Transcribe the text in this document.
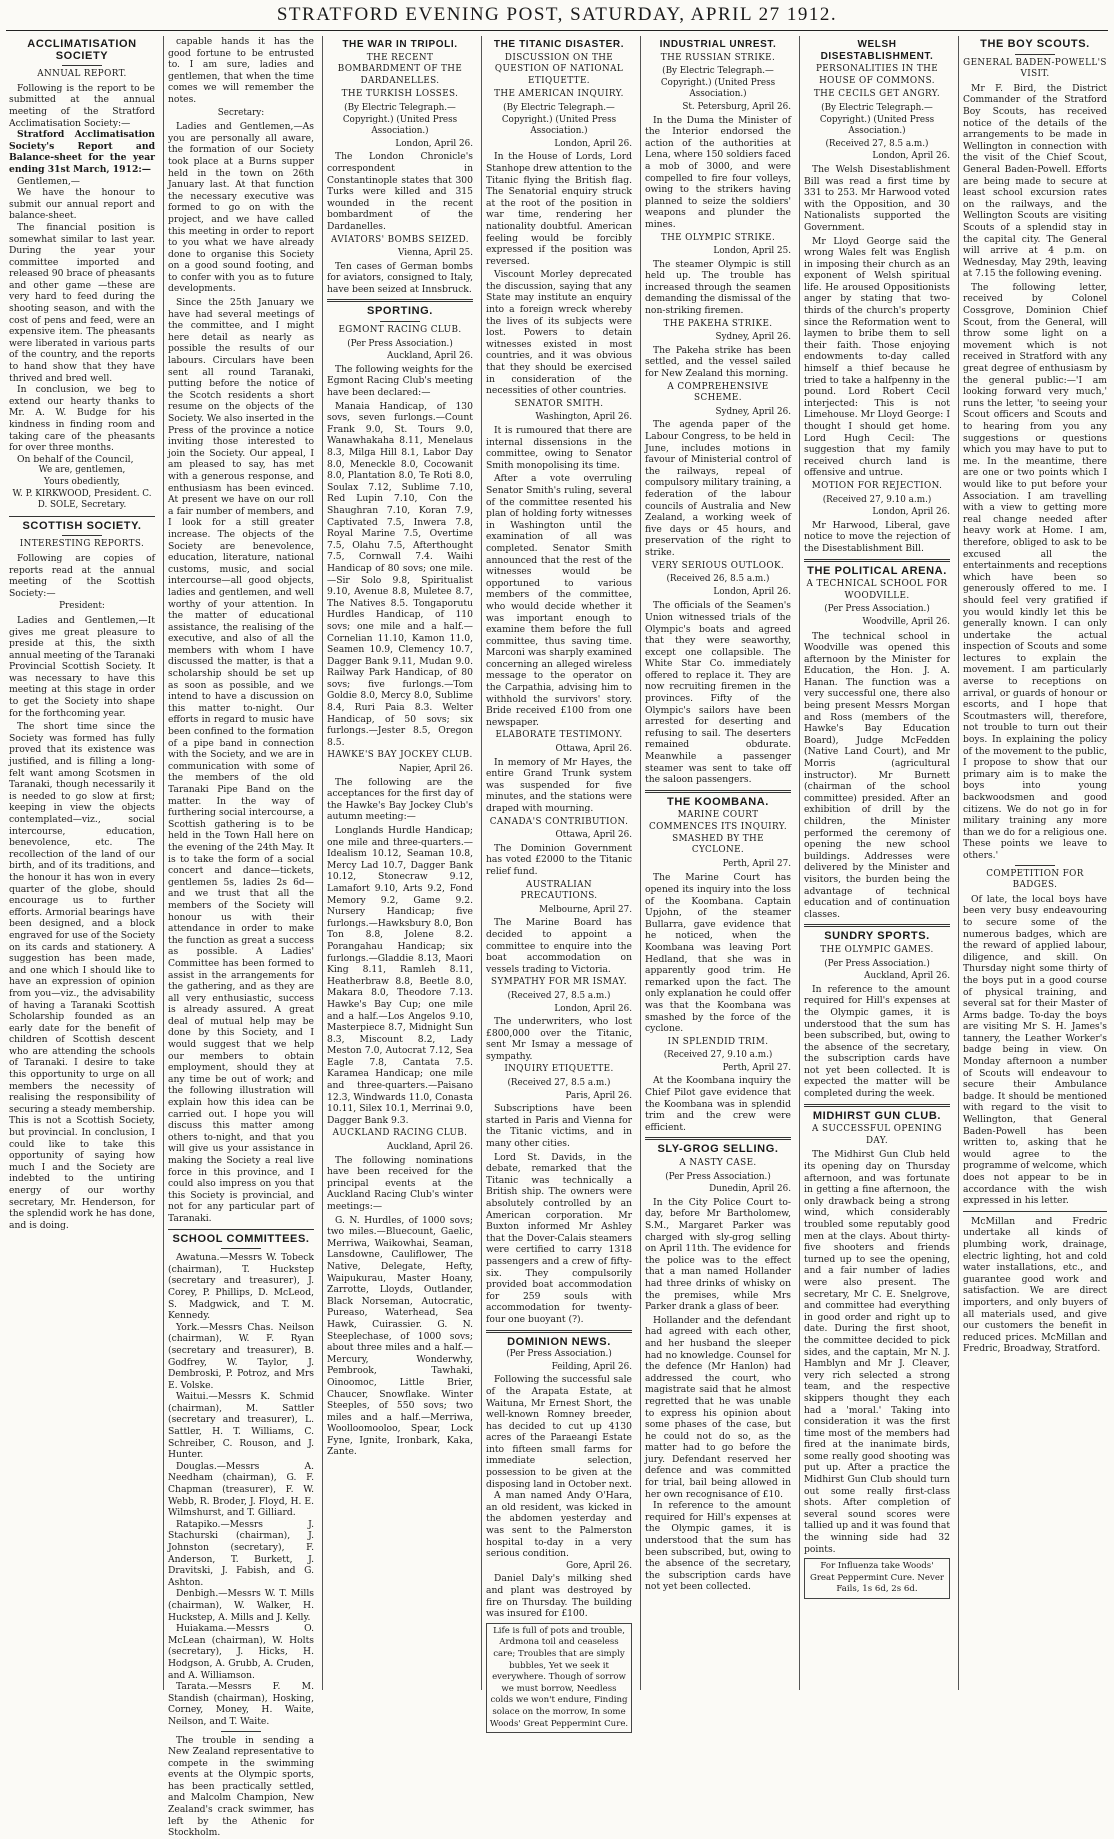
STRATFORD EVENING POST, SATURDAY, APRIL 27 1912.
ACCLIMATISATION SOCIETY
ANNUAL REPORT.

Following is the report to be submitted at the annual meeting of the Stratford Acclimatisation Society:—

Stratford Acclimatisation Society's Report and Balance-sheet for the year ending 31st March, 1912:—

Gentlemen,—

We have the honour to submit our annual report and balance-sheet.

The financial position is somewhat similar to last year. During the year your committee imported and released 90 brace of pheasants and other game —these are very hard to feed during the shooting season, and with the cost of pens and feed, were an expensive item. The pheasants were liberated in various parts of the country, and the reports to hand show that they have thrived and bred well.

In conclusion, we beg to extend our hearty thanks to Mr. A. W. Budge for his kindness in finding room and taking care of the pheasants for over three months.

On behalf of the Council,

We are, gentlemen,

Yours obediently,

W. P. KIRKWOOD, President. C. D. SOLE, Secretary.

SCOTTISH SOCIETY.
INTERESTING REPORTS.

Following are copies of reports read at the annual meeting of the Scottish Society:—

President:

Ladies and Gentlemen,—It gives me great pleasure to preside at this, the sixth annual meeting of the Taranaki Provincial Scottish Society. It was necessary to have this meeting at this stage in order to get the Society into shape for the forthcoming year.

The short time since the Society was formed has fully proved that its existence was justified, and is filling a long-felt want among Scotsmen in Taranaki, though necessarily it is needed to go slow at first; keeping in view the objects contemplated—viz., social intercourse, education, benevolence, etc. The recollection of the land of our birth, and of its traditions, and the honour it has won in every quarter of the globe, should encourage us to further efforts. Armorial bearings have been designed, and a block engraved for use of the Society on its cards and stationery. A suggestion has been made, and one which I should like to have an expression of opinion from you—viz., the advisability of having a Taranaki Scottish Scholarship founded as an early date for the benefit of children of Scottish descent who are attending the schools of Taranaki. I desire to take this opportunity to urge on all members the necessity of realising the responsibility of securing a steady membership. This is not a Scottish Society, but provincial. In conclusion, I could like to take this opportunity of saying how much I and the Society are indebted to the untiring energy of our worthy secretary, Mr. Henderson, for the splendid work he has done, and is doing.

capable hands it has the good fortune to be entrusted to. I am sure, ladies and gentlemen, that when the time comes we will remember the notes.

Secretary:

Ladies and Gentlemen,—As you are personally all aware, the formation of our Society took place at a Burns supper held in the town on 26th January last. At that function the necessary executive was formed to go on with the project, and we have called this meeting in order to report to you what we have already done to organise this Society on a good sound footing, and to confer with you as to future developments.

Since the 25th January we have had several meetings of the committee, and I might here detail as nearly as possible the results of our labours. Circulars have been sent all round Taranaki, putting before the notice of the Scotch residents a short resume on the objects of the Society. We also inserted in the Press of the province a notice inviting those interested to join the Society. Our appeal, I am pleased to say, has met with a generous response, and enthusiasm has been evinced. At present we have on our roll a fair number of members, and I look for a still greater increase. The objects of the Society are benevolence, education, literature, national customs, music, and social intercourse—all good objects, ladies and gentlemen, and well worthy of your attention. In the matter of educational assistance, the realising of the executive, and also of all the members with whom I have discussed the matter, is that a scholarship should be set up as soon as possible, and we intend to have a discussion on this matter to-night. Our efforts in regard to music have been confined to the formation of a pipe band in connection with the Society, and we are in communication with some of the members of the old Taranaki Pipe Band on the matter. In the way of furthering social intercourse, a Scottish gathering is to be held in the Town Hall here on the evening of the 24th May. It is to take the form of a social concert and dance—tickets, gentlemen 5s, ladies 2s 6d—and we trust that all the members of the Society will honour us with their attendance in order to make the function as great a success as possible. A Ladies' Committee has been formed to assist in the arrangements for the gathering, and as they are all very enthusiastic, success is already assured. A great deal of mutual help may be done by this Society, and I would suggest that we help our members to obtain employment, should they at any time be out of work; and the following illustration will explain how this idea can be carried out. I hope you will discuss this matter among others to-night, and that you will give us your assistance in making the Society a real live force in this province, and I could also impress on you that this Society is provincial, and not for any particular part of Taranaki.

SCHOOL COMMITTEES.

Awatuna.—Messrs W. Tobeck (chairman), T. Huckstep (secretary and treasurer), J. Corey, P. Phillips, D. McLeod, S. Madgwick, and T. M. Kennedy.

York.—Messrs Chas. Neilson (chairman), W. F. Ryan (secretary and treasurer), B. Godfrey, W. Taylor, J. Dembroski, P. Potroz, and Mrs E. Volske.

Waitui.—Messrs K. Schmid (chairman), M. Sattler (secretary and treasurer), L. Sattler, H. T. Williams, C. Schreiber, C. Rouson, and J. Hunter.

Douglas.—Messrs A. Needham (chairman), G. F. Chapman (treasurer), F. W. Webb, R. Broder, J. Floyd, H. E. Wilmshurst, and T. Gilliard.

Ratapiko.—Messrs J. Stachurski (chairman), J. Johnston (secretary), F. Anderson, T. Burkett, J. Dravitski, J. Fabish, and G. Ashton.

Denbigh.—Messrs W. T. Mills (chairman), W. Walker, H. Huckstep, A. Mills and J. Kelly.

Huiakama.—Messrs O. McLean (chairman), W. Holts (secretary), J. Hicks, H. Hodgson, A. Grubb, A. Cruden, and A. Williamson.

Tarata.—Messrs F. M. Standish (chairman), Hosking, Corney, Money, H. Waite, Neilson, and T. Waite.

The trouble in sending a New Zealand representative to compete in the swimming events at the Olympic sports, has been practically settled, and Malcolm Champion, New Zealand's crack swimmer, has left by the Athenic for Stockholm.

THE WAR IN TRIPOLI.
THE RECENT BOMBARDMENT OF THE DARDANELLES.
THE TURKISH LOSSES.

(By Electric Telegraph.—Copyright.) (United Press Association.)

London, April 26.

The London Chronicle's correspondent in Constantinople states that 300 Turks were killed and 315 wounded in the recent bombardment of the Dardanelles.

AVIATORS' BOMBS SEIZED.

Vienna, April 25.

Ten cases of German bombs for aviators, consigned to Italy, have been seized at Innsbruck.

SPORTING.
EGMONT RACING CLUB.

(Per Press Association.)

Auckland, April 26.

The following weights for the Egmont Racing Club's meeting have been declared:—

Manaia Handicap, of 130 sovs, seven furlongs.—Count Frank 9.0, St. Tours 9.0, Wanawhakaha 8.11, Menelaus 8.3, Milga Hill 8.1, Labor Day 8.0, Meneckle 8.0, Cocowanit 8.0, Plantation 8.0, Te Roti 8.0, Soulax 7.12, Sublime 7.10, Red Lupin 7.10, Con the Shaughran 7.10, Koran 7.9, Captivated 7.5, Inwera 7.8, Royal Marine 7.5, Overtime 7.5, Olahu 7.5, Afterthought 7.5, Cornwall 7.4. Waihi Handicap of 80 sovs; one mile.—Sir Solo 9.8, Spiritualist 9.10, Avenue 8.8, Muletee 8.7, The Natives 8.5. Tongaporutu Hurdles Handicap, of 110 sovs; one mile and a half.—Cornelian 11.10, Kamon 11.0, Seamen 10.9, Clemency 10.7, Dagger Bank 9.11, Mudan 9.0. Railway Park Handicap, of 80 sovs; five furlongs.—Tom Goldie 8.0, Mercy 8.0, Sublime 8.4, Ruri Paia 8.3. Welter Handicap, of 50 sovs; six furlongs.—Jester 8.5, Oregon 8.5.

HAWKE'S BAY JOCKEY CLUB.

Napier, April 26.

The following are the acceptances for the first day of the Hawke's Bay Jockey Club's autumn meeting:—

Longlands Hurdle Handicap; one mile and three-quarters.—Idealism 10.12, Seaman 10.8, Mercy Lad 10.7, Dagger Bank 10.12, Stonecraw 9.12, Lamafort 9.10, Arts 9.2, Fond Memory 9.2, Game 9.2. Nursery Handicap; five furlongs.—Hawksbury 8.0, Bon Ton 8.8, Jolene 8.2. Porangahau Handicap; six furlongs.—Gladdie 8.13, Maori King 8.11, Ramleh 8.11, Heatherbraw 8.8, Beetle 8.0, Makara 8.0, Theodore 7.13. Hawke's Bay Cup; one mile and a half.—Los Angelos 9.10, Masterpiece 8.7, Midnight Sun 8.3, Miscount 8.2, Lady Meston 7.0, Autocrat 7.12, Sea Eagle 7.8, Cantata 7.5. Karamea Handicap; one mile and three-quarters.—Paisano 12.3, Windwards 11.0, Conasta 10.11, Silex 10.1, Merrinai 9.0, Dagger Bank 9.3.

AUCKLAND RACING CLUB.

Auckland, April 26.

The following nominations have been received for the principal events at the Auckland Racing Club's winter meetings:—

G. N. Hurdles, of 1000 sovs; two miles.—Bluecount, Gaelic, Merriwa, Waikowhai, Seaman, Lansdowne, Cauliflower, The Native, Delegate, Hefty, Waipukurau, Master Hoany, Zarrotte, Lloyds, Outlander, Black Norseman, Autocratic, Pureaso, Waterhead, Sea Hawk, Cuirassier. G. N. Steeplechase, of 1000 sovs; about three miles and a half.—Mercury, Wonderwhy, Pembrook, Tawhaki, Oinoomoc, Little Brier, Chaucer, Snowflake. Winter Steeples, of 550 sovs; two miles and a half.—Merriwa, Woolloomooloo, Spear, Lock Fyne, Ignite, Ironbark, Kaka, Zante.

THE TITANIC DISASTER.
DISCUSSION ON THE QUESTION OF NATIONAL ETIQUETTE.
THE AMERICAN INQUIRY.

(By Electric Telegraph.—Copyright.) (United Press Association.)

London, April 26.

In the House of Lords, Lord Stanhope drew attention to the Titanic flying the British flag. The Senatorial enquiry struck at the root of the position in war time, rendering her nationality doubtful. American feeling would be forcibly expressed if the position was reversed.

Viscount Morley deprecated the discussion, saying that any State may institute an enquiry into a foreign wreck whereby the lives of its subjects were lost. Powers to detain witnesses existed in most countries, and it was obvious that they should be exercised in consideration of the necessities of other countries.

SENATOR SMITH.

Washington, April 26.

It is rumoured that there are internal dissensions in the committee, owing to Senator Smith monopolising its time.

After a vote overruling Senator Smith's ruling, several of the committee resented his plan of holding forty witnesses in Washington until the examination of all was completed. Senator Smith announced that the rest of the witnesses would be opportuned to various members of the committee, who would decide whether it was important enough to examine them before the full committee, thus saving time. Marconi was sharply examined concerning an alleged wireless message to the operator on the Carpathia, advising him to withhold the survivors' story. Bride received £100 from one newspaper.

ELABORATE TESTIMONY.

Ottawa, April 26.

In memory of Mr Hayes, the entire Grand Trunk system was suspended for five minutes, and the stations were draped with mourning.

CANADA'S CONTRIBUTION.

Ottawa, April 26.

The Dominion Government has voted £2000 to the Titanic relief fund.

AUSTRALIAN PRECAUTIONS.

Melbourne, April 27.

The Marine Board has decided to appoint a committee to enquire into the boat accommodation on vessels trading to Victoria.

SYMPATHY FOR MR ISMAY.

(Received 27, 8.5 a.m.)

London, April 26.

The underwriters, who lost £800,000 over the Titanic, sent Mr Ismay a message of sympathy.

INQUIRY ETIQUETTE.

(Received 27, 8.5 a.m.)

Paris, April 26.

Subscriptions have been started in Paris and Vienna for the Titanic victims, and in many other cities.

Lord St. Davids, in the debate, remarked that the Titanic was technically a British ship. The owners were absolutely controlled by an American corporation. Mr Buxton informed Mr Ashley that the Dover-Calais steamers were certified to carry 1318 passengers and a crew of fifty-six. They compulsorily provided boat accommodation for 259 souls with accommodation for twenty-four one buoyant (?).

DOMINION NEWS.

(Per Press Association.)

Feilding, April 26.

Following the successful sale of the Arapata Estate, at Waituna, Mr Ernest Short, the well-known Romney breeder, has decided to cut up 4130 acres of the Paraeangi Estate into fifteen small farms for immediate selection, possession to be given at the disposing land in October next.

A man named Andy O'Hara, an old resident, was kicked in the abdomen yesterday and was sent to the Palmerston hospital to-day in a very serious condition.

Gore, April 26.

Daniel Daly's milking shed and plant was destroyed by fire on Thursday. The building was insured for £100.

Life is full of pots and trouble, Ardmona toil and ceaseless care; Troubles that are simply bubbles, Yet we seek it everywhere. Though of sorrow we must borrow, Needless colds we won't endure, Finding solace on the morrow, In some Woods' Great Peppermint Cure.
INDUSTRIAL UNREST.
THE RUSSIAN STRIKE.

(By Electric Telegraph.—Copyright.) (United Press Association.)

St. Petersburg, April 26.

In the Duma the Minister of the Interior endorsed the action of the authorities at Lena, where 150 soldiers faced a mob of 3000, and were compelled to fire four volleys, owing to the strikers having planned to seize the soldiers' weapons and plunder the mines.

THE OLYMPIC STRIKE.

London, April 25.

The steamer Olympic is still held up. The trouble has increased through the seamen demanding the dismissal of the non-striking firemen.

THE PAKEHA STRIKE.

Sydney, April 26.

The Pakeha strike has been settled, and the vessel sailed for New Zealand this morning.

A COMPREHENSIVE SCHEME.

Sydney, April 26.

The agenda paper of the Labour Congress, to be held in June, includes motions in favour of Ministerial control of the railways, repeal of compulsory military training, a federation of the labour councils of Australia and New Zealand, a working week of five days or 45 hours, and preservation of the right to strike.

VERY SERIOUS OUTLOOK.

(Received 26, 8.5 a.m.)

London, April 26.

The officials of the Seamen's Union witnessed trials of the Olympic's boats and agreed that they were seaworthy, except one collapsible. The White Star Co. immediately offered to replace it. They are now recruiting firemen in the provinces. Fifty of the Olympic's sailors have been arrested for deserting and refusing to sail. The deserters remained obdurate. Meanwhile a passenger steamer was sent to take off the saloon passengers.

THE KOOMBANA.
MARINE COURT COMMENCES ITS INQUIRY. SMASHED BY THE CYCLONE.

Perth, April 27.

The Marine Court has opened its inquiry into the loss of the Koombana. Captain Upjohn, of the steamer Bullarra, gave evidence that he noticed, when the Koombana was leaving Port Hedland, that she was in apparently good trim. He remarked upon the fact. The only explanation he could offer was that the Koombana was smashed by the force of the cyclone.

IN SPLENDID TRIM.

(Received 27, 9.10 a.m.)

Perth, April 27.

At the Koombana inquiry the Chief Pilot gave evidence that the Koombana was in splendid trim and the crew were efficient.

SLY-GROG SELLING.
A NASTY CASE.

(Per Press Association.)

Dunedin, April 26.

In the City Police Court to-day, before Mr Bartholomew, S.M., Margaret Parker was charged with sly-grog selling on April 11th. The evidence for the police was to the effect that a man named Hollander had three drinks of whisky on the premises, while Mrs Parker drank a glass of beer.

Hollander and the defendant had agreed with each other, and her husband the sleeper had no knowledge. Counsel for the defence (Mr Hanlon) had addressed the court, who magistrate said that he almost regretted that he was unable to express his opinion about some phases of the case, but he could not do so, as the matter had to go before the jury. Defendant reserved her defence and was committed for trial, bail being allowed in her own recognisance of £10.

In reference to the amount required for Hill's expenses at the Olympic games, it is understood that the sum has been subscribed, but, owing to the absence of the secretary, the subscription cards have not yet been collected.

WELSH DISESTABLISHMENT.
PERSONALITIES IN THE HOUSE OF COMMONS.
THE CECILS GET ANGRY.

(By Electric Telegraph.—Copyright.) (United Press Association.)

(Received 27, 8.5 a.m.)

London, April 26.

The Welsh Disestablishment Bill was read a first time by 331 to 253. Mr Harwood voted with the Opposition, and 30 Nationalists supported the Government.

Mr Lloyd George said the wrong Wales felt was English in imposing their church as an exponent of Welsh spiritual life. He aroused Oppositionists anger by stating that two-thirds of the church's property since the Reformation went to laymen to bribe them to sell their faith. Those enjoying endowments to-day called himself a thief because he tried to take a halfpenny in the pound. Lord Robert Cecil interjected: This is not Limehouse. Mr Lloyd George: I thought I should get home. Lord Hugh Cecil: The suggestion that my family received church land is offensive and untrue.

MOTION FOR REJECTION.

(Received 27, 9.10 a.m.)

London, April 26.

Mr Harwood, Liberal, gave notice to move the rejection of the Disestablishment Bill.

THE POLITICAL ARENA.
A TECHNICAL SCHOOL FOR WOODVILLE.

(Per Press Association.)

Woodville, April 26.

The technical school in Woodville was opened this afternoon by the Minister for Education, the Hon. J. A. Hanan. The function was a very successful one, there also being present Messrs Morgan and Ross (members of the Hawke's Bay Education Board), Judge McFedden (Native Land Court), and Mr Morris (agricultural instructor). Mr Burnett (chairman of the school committee) presided. After an exhibition of drill by the children, the Minister performed the ceremony of opening the new school buildings. Addresses were delivered by the Minister and visitors, the burden being the advantage of technical education and of continuation classes.

SUNDRY SPORTS.
THE OLYMPIC GAMES.

(Per Press Association.)

Auckland, April 26.

In reference to the amount required for Hill's expenses at the Olympic games, it is understood that the sum has been subscribed, but, owing to the absence of the secretary, the subscription cards have not yet been collected. It is expected the matter will be completed during the week.

MIDHIRST GUN CLUB.
A SUCCESSFUL OPENING DAY.

The Midhirst Gun Club held its opening day on Thursday afternoon, and was fortunate in getting a fine afternoon, the only drawback being a strong wind, which considerably troubled some reputably good men at the clays. About thirty-five shooters and friends turned up to see the opening, and a fair number of ladies were also present. The secretary, Mr C. E. Snelgrove, and committee had everything in good order and right up to date. During the first shoot, the committee decided to pick sides, and the captain, Mr N. J. Hamblyn and Mr J. Cleaver, very rich selected a strong team, and the respective skippers thought they each had a 'moral.' Taking into consideration it was the first time most of the members had fired at the inanimate birds, some really good shooting was put up. After a practice the Midhirst Gun Club should turn out some really first-class shots. After completion of several sound scores were tallied up and it was found that the winning side had 32 points.

For Influenza take Woods' Great Peppermint Cure. Never Fails, 1s 6d, 2s 6d.
THE BOY SCOUTS.
GENERAL BADEN-POWELL'S VISIT.

Mr F. Bird, the District Commander of the Stratford Boy Scouts, has received notice of the details of the arrangements to be made in Wellington in connection with the visit of the Chief Scout, General Baden-Powell. Efforts are being made to secure at least school excursion rates on the railways, and the Wellington Scouts are visiting Scouts of a splendid stay in the capital city. The General will arrive at 4 p.m. on Wednesday, May 29th, leaving at 7.15 the following evening.

The following letter, received by Colonel Cossgrove, Dominion Chief Scout, from the General, will throw some light on a movement which is not received in Stratford with any great degree of enthusiasm by the general public:—'I am looking forward very much,' runs the letter, 'to seeing your Scout officers and Scouts and to hearing from you any suggestions or questions which you may have to put to me. In the meantime, there are one or two points which I would like to put before your Association. I am travelling with a view to getting more real change needed after heavy work at Home. I am, therefore, obliged to ask to be excused all the entertainments and receptions which have been so generously offered to me. I should feel very gratified if you would kindly let this be generally known. I can only undertake the actual inspection of Scouts and some lectures to explain the movement. I am particularly averse to receptions on arrival, or guards of honour or escorts, and I hope that Scoutmasters will, therefore, not trouble to turn out their boys. In explaining the policy of the movement to the public, I propose to show that our primary aim is to make the boys into young backwoodsmen and good citizens. We do not go in for military training any more than we do for a religious one. These points we leave to others.'

COMPETITION FOR BADGES.

Of late, the local boys have been very busy endeavouring to secure some of the numerous badges, which are the reward of applied labour, diligence, and skill. On Thursday night some thirty of the boys put in a good course of physical training, and several sat for their Master of Arms badge. To-day the boys are visiting Mr S. H. James's tannery, the Leather Worker's badge being in view. On Monday afternoon a number of Scouts will endeavour to secure their Ambulance badge. It should be mentioned with regard to the visit to Wellington, that General Baden-Powell has been written to, asking that he would agree to the programme of welcome, which does not appear to be in accordance with the wish expressed in his letter.

McMillan and Fredric undertake all kinds of plumbing work, drainage, electric lighting, hot and cold water installations, etc., and guarantee good work and satisfaction. We are direct importers, and only buyers of all materials used, and give our customers the benefit in reduced prices. McMillan and Fredric, Broadway, Stratford.
